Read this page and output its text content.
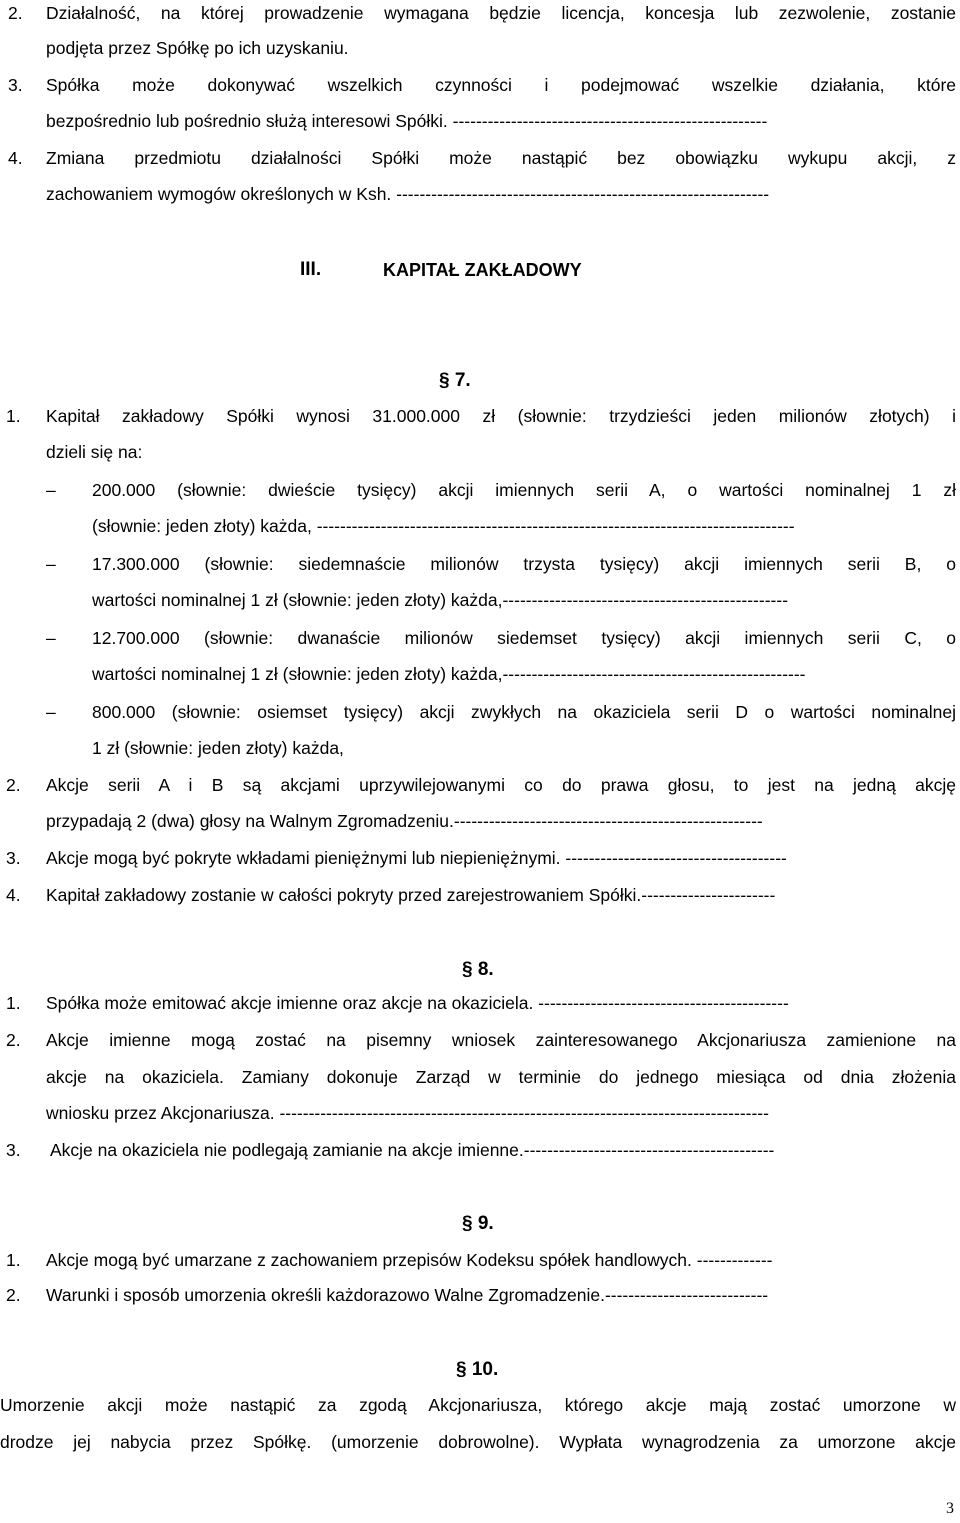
2. Działalność, na której prowadzenie wymagana będzie licencja, koncesja lub zezwolenie, zostanie
podjęta przez Spółkę po ich uzyskaniu.
3. Spółka może dokonywać wszelkich czynności i podejmować wszelkie działania, które
bezpośrednio lub pośrednio służą interesowi Spółki. ------------------------------------------------------
4. Zmiana przedmiotu działalności Spółki może nastąpić bez obowiązku wykupu akcji, z
zachowaniem wymogów określonych w Ksh. ----------------------------------------------------------------
III.	KAPITAŁ ZAKŁADOWY
§ 7.
1. Kapitał zakładowy Spółki wynosi 31.000.000 zł (słownie: trzydzieści jeden milionów złotych) i
dzieli się na:
– 200.000 (słownie: dwieście tysięcy) akcji imiennych serii A, o wartości nominalnej 1 zł
(słownie: jeden złoty) każda, ----------------------------------------------------------------------------------
– 17.300.000 (słownie: siedemnaście milionów trzysta tysięcy) akcji imiennych serii B, o
wartości nominalnej 1 zł (słownie: jeden złoty) każda,-------------------------------------------------
– 12.700.000 (słownie: dwanaście milionów siedemset tysięcy) akcji imiennych serii C, o
wartości nominalnej 1 zł (słownie: jeden złoty) każda,----------------------------------------------------
– 800.000 (słownie: osiemset tysięcy) akcji zwykłych na okaziciela serii D o wartości nominalnej
1 zł (słownie: jeden złoty) każda,
2. Akcje serii A i B są akcjami uprzywilejowanymi co do prawa głosu, to jest na jedną akcję
przypadają 2 (dwa) głosy na Walnym Zgromadzeniu.-----------------------------------------------------
3. Akcje mogą być pokryte wkładami pieniężnymi lub niepieniężnymi. --------------------------------------
4. Kapitał zakładowy zostanie w całości pokryty przed zarejestrowaniem Spółki.-----------------------
§ 8.
1. Spółka może emitować akcje imienne oraz akcje na okaziciela. -------------------------------------------
2. Akcje imienne mogą zostać na pisemny wniosek zainteresowanego Akcjonariusza zamienione na
akcje na okaziciela. Zamiany dokonuje Zarząd w terminie do jednego miesiąca od dnia złożenia
wniosku przez Akcjonariusza. ------------------------------------------------------------------------------------
3. Akcje na okaziciela nie podlegają zamianie na akcje imienne.-------------------------------------------
§ 9.
1. Akcje mogą być umarzane z zachowaniem przepisów Kodeksu spółek handlowych. -------------
2. Warunki i sposób umorzenia określi każdorazowo Walne Zgromadzenie.----------------------------
§ 10.
Umorzenie akcji może nastąpić za zgodą Akcjonariusza, którego akcje mają zostać umorzone w
drodze jej nabycia przez Spółkę. (umorzenie dobrowolne). Wypłata wynagrodzenia za umorzone akcje
3
